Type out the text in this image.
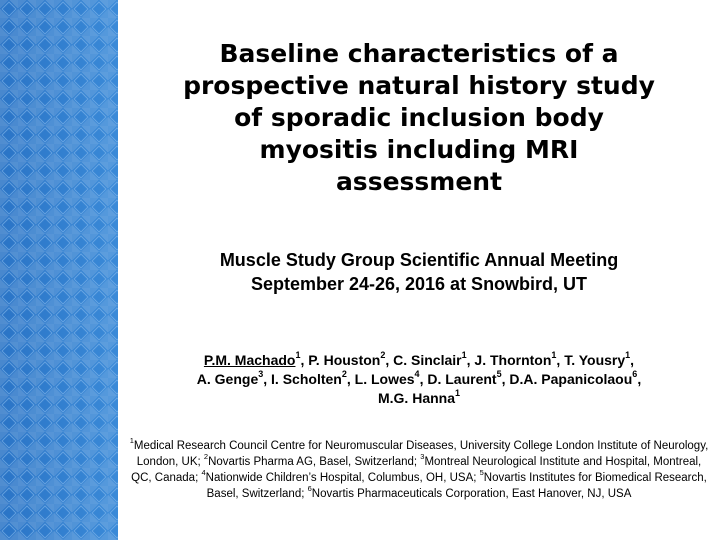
Baseline characteristics of a
prospective natural history study
of sporadic inclusion body
myositis including MRI
assessment
Muscle Study Group Scientific Annual Meeting
September 24-26, 2016 at Snowbird, UT
P.M. Machado$^1$, P. Houston$^2$, C. Sinclair$^1$, J. Thornton$^1$, T. Yousry$^1$,
A. Genge$^3$, I. Scholten$^2$, L. Lowes$^4$, D. Laurent$^5$, D.A. Papanicolaou$^6$,
M.G. Hanna$^1$
$^1$Medical Research Council Centre for Neuromuscular Diseases, University College London Institute of Neurology, London, UK; $^2$Novartis Pharma AG, Basel, Switzerland; $^3$Montreal Neurological Institute and Hospital, Montreal, QC, Canada; $^4$Nationwide Children’s Hospital, Columbus, OH, USA; $^5$Novartis Institutes for Biomedical Research, Basel, Switzerland; $^6$Novartis Pharmaceuticals Corporation, East Hanover, NJ, USA
